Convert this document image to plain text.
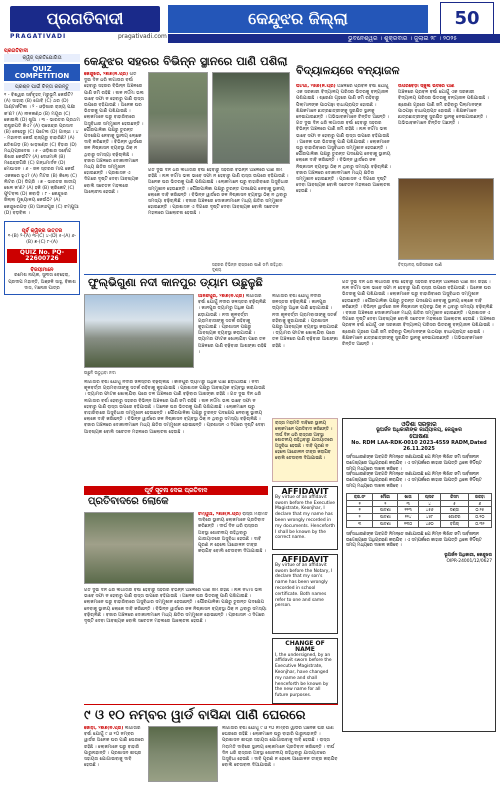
ପ୍ରଗତିବାଦୀ
PRAGATIVADI	pragativadi.com
କେନ୍ଦୁଝର ଜିଲ୍ଲା	50
ଭୁବନେଶ୍ୱର । ଶୁକ୍ରବାର । ଜୁଲାଇ ୨୮ । ୨୦୨୫
ପ୍ରଗତିବାଦୀ
କ୍ୱିଜ୍ ପ୍ରତିଯୋଗିତା
QUIZ COMPETITION
ପ୍ରଶ୍ନ ପାଇଁ ଚିନ୍ତା କରନ୍ତୁ
୧ - ବିଶ୍ୱର ସର୍ବବୃହତ୍ ମରୁଭୂମି କେଉଁଟି? (A) ସାହାରା (B) ଗୋବି (C) ଥର (D) ଆଣ୍ଟାର୍କଟିକା । ୨ - ଓଡ଼ିଶାର ରାଜ୍ୟ ପକ୍ଷୀ କ'ଣ? (A) ନୀଳକଣ୍ଠ (B) ମୟୂର (C) କୋଇଲି (D) ଶୁଆ । ୩ - ଭାରତର ପ୍ରଥମ ରାଷ୍ଟ୍ରପତି କିଏ? (A) ରାଜେନ୍ଦ୍ର ପ୍ରସାଦ (B) ନେହେରୁ (C) ପଟେଲ (D) ଗାନ୍ଧୀ । ୪ - ମହାନଦୀ କେଉଁ ରାଜ୍ୟରୁ ବାହାରିଛି? (A) ଛତିଶଗଡ଼ (B) ଝାଡ଼ଖଣ୍ଡ (C) ବିହାର (D) ମଧ୍ୟପ୍ରଦେଶ । ୫ - ଓଡ଼ିଶାର ସର୍ବୋଚ୍ଚ ଶିଖର କେଉଁଟି? (A) ଦେଓମାଳି (B) ମହେନ୍ଦ୍ରଗିରି (C) ଗନ୍ଧମାର୍ଦନ (D) ମେଘାସନ । ୬ - ଜଳ ସ୍ତରର ମାପ କେଉଁ ଏକକରେ ହୁଏ? (A) ମିଟର (B) କିଲୋ (C) ଲିଟର (D) ଡିଗ୍ରି । ୭ - ଭାରତର ଜାତୀୟ ଖେଳ କ'ଣ? (A) ହକି (B) କ୍ରିକେଟ୍ (C) ଫୁଟବଲ (D) କବାଡ଼ି । ୮ - କେନ୍ଦୁଝର ଜିଲ୍ଲା ମୁଖ୍ୟାଳୟ କେଉଁଠି? (A) କେନ୍ଦୁଝରଗଡ଼ (B) ଆନନ୍ଦପୁର (C) ଚମ୍ପୁଆ (D) ବଡ଼ବିଲ ।
ପୂର୍ବ କ୍ୱିଜ୍‌ର ଉତ୍ତର
୧-(B) ୨-(A) ୩-(C) ୪-(D) ୫-(A) ୬-(B) ୭-(C) ୮-(A)
QUIZ No. PQ-22600726
ବିଜୟୀମାନେ
ରମେଶ ନାୟକ, ସୁନୀତା ବେହେରା, ପ୍ରଦୀପ ମହାନ୍ତି, ଅଞ୍ଜଳି ସାହୁ, ବିକାଶ ଦାସ, ମନୋଜ ପାତ୍ର
କେନ୍ଦୁଝର ସହରର ବିଭିନ୍ନ ସ୍ଥାନରେ ପାଣି ପଶିଲା
କେନ୍ଦୁଝର, ୨୭ା୭(ନି.ପ୍ର) ଗତ ଦୁଇ ଦିନ ଧରି ଲଗାତାର ବର୍ଷା ହେବାରୁ ସହରର ବିଭିନ୍ନ ଅଞ୍ଚଳରେ ପାଣି ଜମି ରହିଛି । ନାଳ ନର୍ଦ୍ଦମା ଭଲ ଭାବେ ସଫା ନ ହେବାରୁ ପାଣି ରାସ୍ତା ଉପରେ ବହିଯାଉଛି । ଅନେକ ଘର ଭିତରକୁ ପାଣି ପଶିଯାଇଛି । ଲୋକମାନେ ଘରୁ ବାହାରିବାରେ ଅସୁବିଧାର ସମ୍ମୁଖୀନ ହେଉଛନ୍ତି । ପୌରପାଳିକା ପକ୍ଷରୁ ତୁରନ୍ତ ପଦକ୍ଷେପ ନେବାକୁ ସ୍ଥାନୀୟ ଲୋକେ ଦାବି କରିଛନ୍ତି । ବିଭିନ୍ନ ୱାର୍ଡରେ ଜଳ ନିଷ୍କାସନ ବ୍ୟବସ୍ଥା ଠିକ୍ ନ ଥିବାରୁ ସମସ୍ୟା ବଢ଼ିଚାଲିଛି । ବଜାର ଅଞ୍ଚଳରେ ଦୋକାନୀମାନେ ମଧ୍ୟ କ୍ଷତିର ସମ୍ମୁଖୀନ ହୋଇଛନ୍ତି । ପ୍ରଶାସନ ଏ ଦିଗରେ ଦୃଷ୍ଟି ଦେବା ଆବଶ୍ୟକ ବୋଲି ସଚେତନ ମହଲରେ ଆଲୋଚନା ହେଉଛି ।
ଗତ ଦୁଇ ଦିନ ଧରି ଲଗାତାର ବର୍ଷା ହେବାରୁ ସହରର ବିଭିନ୍ନ ଅଞ୍ଚଳରେ ପାଣି ଜମି ରହିଛି । ନାଳ ନର୍ଦ୍ଦମା ଭଲ ଭାବେ ସଫା ନ ହେବାରୁ ପାଣି ରାସ୍ତା ଉପରେ ବହିଯାଉଛି । ଅନେକ ଘର ଭିତରକୁ ପାଣି ପଶିଯାଇଛି । ଲୋକମାନେ ଘରୁ ବାହାରିବାରେ ଅସୁବିଧାର ସମ୍ମୁଖୀନ ହେଉଛନ୍ତି । ପୌରପାଳିକା ପକ୍ଷରୁ ତୁରନ୍ତ ପଦକ୍ଷେପ ନେବାକୁ ସ୍ଥାନୀୟ ଲୋକେ ଦାବି କରିଛନ୍ତି । ବିଭିନ୍ନ ୱାର୍ଡରେ ଜଳ ନିଷ୍କାସନ ବ୍ୟବସ୍ଥା ଠିକ୍ ନ ଥିବାରୁ ସମସ୍ୟା ବଢ଼ିଚାଲିଛି । ବଜାର ଅଞ୍ଚଳରେ ଦୋକାନୀମାନେ ମଧ୍ୟ କ୍ଷତିର ସମ୍ମୁଖୀନ ହୋଇଛନ୍ତି । ପ୍ରଶାସନ ଏ ଦିଗରେ ଦୃଷ୍ଟି ଦେବା ଆବଶ୍ୟକ ବୋଲି ସଚେତନ ମହଲରେ ଆଲୋଚନା ହେଉଛି ।
ସହରର ବିଭିନ୍ନ ରାସ୍ତାରେ ପାଣି ଜମି ରହିଥିବା ଦୃଶ୍ୟ
ବିଦ୍ୟାଳୟରେ ବନ୍ୟାଜଳ
ଘଟଗାଁ, ୨୭ା୭(ନି.ପ୍ର) ଅଞ୍ଚଳରେ ପ୍ରବଳ ବର୍ଷା ଯୋଗୁଁ ଏକ ସରକାରୀ ବିଦ୍ୟାଳୟ ପରିସର ଭିତରକୁ ବନ୍ୟାଜଳ ପଶିଯାଇଛି । ଶ୍ରେଣୀ ଗୃହରେ ପାଣି ଜମି ରହିବାରୁ ପିଲାମାନଙ୍କ ପାଠପଢ଼ା ବାଧାପ୍ରାପ୍ତ ହୋଇଛି । ଶିକ୍ଷକମାନେ ଛାତ୍ରଛାତ୍ରୀଙ୍କୁ ସୁରକ୍ଷିତ ସ୍ଥାନକୁ ନେଇଯାଇଛନ୍ତି । ଅଭିଭାବକମାନେ ଚିନ୍ତିତ ଅଛନ୍ତି । ଗତ ଦୁଇ ଦିନ ଧରି ଲଗାତାର ବର୍ଷା ହେବାରୁ ସହରର ବିଭିନ୍ନ ଅଞ୍ଚଳରେ ପାଣି ଜମି ରହିଛି । ନାଳ ନର୍ଦ୍ଦମା ଭଲ ଭାବେ ସଫା ନ ହେବାରୁ ପାଣି ରାସ୍ତା ଉପରେ ବହିଯାଉଛି । ଅନେକ ଘର ଭିତରକୁ ପାଣି ପଶିଯାଇଛି । ଲୋକମାନେ ଘରୁ ବାହାରିବାରେ ଅସୁବିଧାର ସମ୍ମୁଖୀନ ହେଉଛନ୍ତି । ପୌରପାଳିକା ପକ୍ଷରୁ ତୁରନ୍ତ ପଦକ୍ଷେପ ନେବାକୁ ସ୍ଥାନୀୟ ଲୋକେ ଦାବି କରିଛନ୍ତି । ବିଭିନ୍ନ ୱାର୍ଡରେ ଜଳ ନିଷ୍କାସନ ବ୍ୟବସ୍ଥା ଠିକ୍ ନ ଥିବାରୁ ସମସ୍ୟା ବଢ଼ିଚାଲିଛି । ବଜାର ଅଞ୍ଚଳରେ ଦୋକାନୀମାନେ ମଧ୍ୟ କ୍ଷତିର ସମ୍ମୁଖୀନ ହୋଇଛନ୍ତି । ପ୍ରଶାସନ ଏ ଦିଗରେ ଦୃଷ୍ଟି ଦେବା ଆବଶ୍ୟକ ବୋଲି ସଚେତନ ମହଲରେ ଆଲୋଚନା ହେଉଛି ।
ଉପରବେଡ଼ା ସ୍କୁଲ ଭିତରେ ପାଣି
ଅଞ୍ଚଳରେ ପ୍ରବଳ ବର୍ଷା ଯୋଗୁଁ ଏକ ସରକାରୀ ବିଦ୍ୟାଳୟ ପରିସର ଭିତରକୁ ବନ୍ୟାଜଳ ପଶିଯାଇଛି । ଶ୍ରେଣୀ ଗୃହରେ ପାଣି ଜମି ରହିବାରୁ ପିଲାମାନଙ୍କ ପାଠପଢ଼ା ବାଧାପ୍ରାପ୍ତ ହୋଇଛି । ଶିକ୍ଷକମାନେ ଛାତ୍ରଛାତ୍ରୀଙ୍କୁ ସୁରକ୍ଷିତ ସ୍ଥାନକୁ ନେଇଯାଇଛନ୍ତି । ଅଭିଭାବକମାନେ ଚିନ୍ତିତ ଅଛନ୍ତି ।
ବିଦ୍ୟାଳୟ ପରିସରରେ ପାଣି
ଫୁଲ୍ଭିଗୁଣା ନଦୀ କାନପୁର ଡ୍ୟାମ ଉଛୁଳୁଛି
ଉଛୁଳି ଉଠୁଥିବା ନଦୀ
ଆନନ୍ଦପୁର, ୨୭ା୭(ନି.ପ୍ର) ଲଗାତାର ବର୍ଷା ଯୋଗୁଁ ନଦୀର ଜଳସ୍ତର ବଢ଼ିଚାଲିଛି । କାନପୁର ଡ୍ୟାମରୁ ଅଧିକ ପାଣି ଛଡ଼ାଯାଉଛି । ନଦୀ କୂଳବର୍ତ୍ତୀ ଗ୍ରାମବାସୀଙ୍କୁ ସତର୍କ ରହିବାକୁ କୁହାଯାଇଛି । ପ୍ରଶାସନ ପକ୍ଷରୁ ଆବଶ୍ୟକ ବ୍ୟବସ୍ଥା କରାଯାଉଛି । ଡ୍ୟାମର ଫାଟକ ଖୋଲାଯିବା ପରେ ତଳ ଅଞ୍ଚଳରେ ପାଣି ବଢ଼ିବାର ଆଶଙ୍କା ରହିଛି ।
ଲଗାତାର ବର୍ଷା ଯୋଗୁଁ ନଦୀର ଜଳସ୍ତର ବଢ଼ିଚାଲିଛି । କାନପୁର ଡ୍ୟାମରୁ ଅଧିକ ପାଣି ଛଡ଼ାଯାଉଛି । ନଦୀ କୂଳବର୍ତ୍ତୀ ଗ୍ରାମବାସୀଙ୍କୁ ସତର୍କ ରହିବାକୁ କୁହାଯାଇଛି । ପ୍ରଶାସନ ପକ୍ଷରୁ ଆବଶ୍ୟକ ବ୍ୟବସ୍ଥା କରାଯାଉଛି । ଡ୍ୟାମର ଫାଟକ ଖୋଲାଯିବା ପରେ ତଳ ଅଞ୍ଚଳରେ ପାଣି ବଢ଼ିବାର ଆଶଙ୍କା ରହିଛି । ଗତ ଦୁଇ ଦିନ ଧରି ଲଗାତାର ବର୍ଷା ହେବାରୁ ସହରର ବିଭିନ୍ନ ଅଞ୍ଚଳରେ ପାଣି ଜମି ରହିଛି । ନାଳ ନର୍ଦ୍ଦମା ଭଲ ଭାବେ ସଫା ନ ହେବାରୁ ପାଣି ରାସ୍ତା ଉପରେ ବହିଯାଉଛି । ଅନେକ ଘର ଭିତରକୁ ପାଣି ପଶିଯାଇଛି । ଲୋକମାନେ ଘରୁ ବାହାରିବାରେ ଅସୁବିଧାର ସମ୍ମୁଖୀନ ହେଉଛନ୍ତି । ପୌରପାଳିକା ପକ୍ଷରୁ ତୁରନ୍ତ ପଦକ୍ଷେପ ନେବାକୁ ସ୍ଥାନୀୟ ଲୋକେ ଦାବି କରିଛନ୍ତି । ବିଭିନ୍ନ ୱାର୍ଡରେ ଜଳ ନିଷ୍କାସନ ବ୍ୟବସ୍ଥା ଠିକ୍ ନ ଥିବାରୁ ସମସ୍ୟା ବଢ଼ିଚାଲିଛି । ବଜାର ଅଞ୍ଚଳରେ ଦୋକାନୀମାନେ ମଧ୍ୟ କ୍ଷତିର ସମ୍ମୁଖୀନ ହୋଇଛନ୍ତି । ପ୍ରଶାସନ ଏ ଦିଗରେ ଦୃଷ୍ଟି ଦେବା ଆବଶ୍ୟକ ବୋଲି ସଚେତନ ମହଲରେ ଆଲୋଚନା ହେଉଛି ।
ଲଗାତାର ବର୍ଷା ଯୋଗୁଁ ନଦୀର ଜଳସ୍ତର ବଢ଼ିଚାଲିଛି । କାନପୁର ଡ୍ୟାମରୁ ଅଧିକ ପାଣି ଛଡ଼ାଯାଉଛି । ନଦୀ କୂଳବର୍ତ୍ତୀ ଗ୍ରାମବାସୀଙ୍କୁ ସତର୍କ ରହିବାକୁ କୁହାଯାଇଛି । ପ୍ରଶାସନ ପକ୍ଷରୁ ଆବଶ୍ୟକ ବ୍ୟବସ୍ଥା କରାଯାଉଛି । ଡ୍ୟାମର ଫାଟକ ଖୋଲାଯିବା ପରେ ତଳ ଅଞ୍ଚଳରେ ପାଣି ବଢ଼ିବାର ଆଶଙ୍କା ରହିଛି ।
ରାସ୍ତା ମରାମତି ଦାବିରେ ସ୍ଥାନୀୟ ଲୋକମାନେ ପ୍ରତିବାଦ କରିଛନ୍ତି । ଦୀର୍ଘ ଦିନ ଧରି ରାସ୍ତାର ଅବସ୍ଥା ଶୋଚନୀୟ ରହିଥିବାରୁ ଯାତାୟାତରେ ଅସୁବିଧା ହେଉଛି । ଦାବି ପୂରଣ ନ ହେଲେ ଆନ୍ଦୋଳନ ତୀବ୍ର କରାଯିବ ବୋଲି ଚେତାବନୀ ଦିଆଯାଇଛି ।
ପୂର୍ବ ସୂଚନା ଦେଇ ପ୍ରତିବାଦ
ପ୍ରତିବାଦରେ ଲୋକେ
ଚମ୍ପୁଆ, ୨୭ା୭(ନି.ପ୍ର) ରାସ୍ତା ମରାମତି ଦାବିରେ ସ୍ଥାନୀୟ ଲୋକମାନେ ପ୍ରତିବାଦ କରିଛନ୍ତି । ଦୀର୍ଘ ଦିନ ଧରି ରାସ୍ତାର ଅବସ୍ଥା ଶୋଚନୀୟ ରହିଥିବାରୁ ଯାତାୟାତରେ ଅସୁବିଧା ହେଉଛି । ଦାବି ପୂରଣ ନ ହେଲେ ଆନ୍ଦୋଳନ ତୀବ୍ର କରାଯିବ ବୋଲି ଚେତାବନୀ ଦିଆଯାଇଛି ।
ଗତ ଦୁଇ ଦିନ ଧରି ଲଗାତାର ବର୍ଷା ହେବାରୁ ସହରର ବିଭିନ୍ନ ଅଞ୍ଚଳରେ ପାଣି ଜମି ରହିଛି । ନାଳ ନର୍ଦ୍ଦମା ଭଲ ଭାବେ ସଫା ନ ହେବାରୁ ପାଣି ରାସ୍ତା ଉପରେ ବହିଯାଉଛି । ଅନେକ ଘର ଭିତରକୁ ପାଣି ପଶିଯାଇଛି । ଲୋକମାନେ ଘରୁ ବାହାରିବାରେ ଅସୁବିଧାର ସମ୍ମୁଖୀନ ହେଉଛନ୍ତି । ପୌରପାଳିକା ପକ୍ଷରୁ ତୁରନ୍ତ ପଦକ୍ଷେପ ନେବାକୁ ସ୍ଥାନୀୟ ଲୋକେ ଦାବି କରିଛନ୍ତି । ବିଭିନ୍ନ ୱାର୍ଡରେ ଜଳ ନିଷ୍କାସନ ବ୍ୟବସ୍ଥା ଠିକ୍ ନ ଥିବାରୁ ସମସ୍ୟା ବଢ଼ିଚାଲିଛି । ବଜାର ଅଞ୍ଚଳରେ ଦୋକାନୀମାନେ ମଧ୍ୟ କ୍ଷତିର ସମ୍ମୁଖୀନ ହୋଇଛନ୍ତି । ପ୍ରଶାସନ ଏ ଦିଗରେ ଦୃଷ୍ଟି ଦେବା ଆବଶ୍ୟକ ବୋଲି ସଚେତନ ମହଲରେ ଆଲୋଚନା ହେଉଛି ।
AFFIDAVIT
By virtue of an affidavit sworn before the Executive Magistrate, Keonjhar, I declare that my name has been wrongly recorded in my documents. Henceforth I shall be known by the correct name.
AFFIDAVIT
By virtue of an affidavit sworn before the Notary, I declare that my son's name has been wrongly recorded in school certificate. Both names refer to one and same person.
CHANGE OF NAME
I, the undersigned, by an affidavit sworn before the Executive Magistrate, Keonjhar, have changed my name and shall henceforth be known by the new name for all future purposes.
ଗତ ଦୁଇ ଦିନ ଧରି ଲଗାତାର ବର୍ଷା ହେବାରୁ ସହରର ବିଭିନ୍ନ ଅଞ୍ଚଳରେ ପାଣି ଜମି ରହିଛି । ନାଳ ନର୍ଦ୍ଦମା ଭଲ ଭାବେ ସଫା ନ ହେବାରୁ ପାଣି ରାସ୍ତା ଉପରେ ବହିଯାଉଛି । ଅନେକ ଘର ଭିତରକୁ ପାଣି ପଶିଯାଇଛି । ଲୋକମାନେ ଘରୁ ବାହାରିବାରେ ଅସୁବିଧାର ସମ୍ମୁଖୀନ ହେଉଛନ୍ତି । ପୌରପାଳିକା ପକ୍ଷରୁ ତୁରନ୍ତ ପଦକ୍ଷେପ ନେବାକୁ ସ୍ଥାନୀୟ ଲୋକେ ଦାବି କରିଛନ୍ତି । ବିଭିନ୍ନ ୱାର୍ଡରେ ଜଳ ନିଷ୍କାସନ ବ୍ୟବସ୍ଥା ଠିକ୍ ନ ଥିବାରୁ ସମସ୍ୟା ବଢ଼ିଚାଲିଛି । ବଜାର ଅଞ୍ଚଳରେ ଦୋକାନୀମାନେ ମଧ୍ୟ କ୍ଷତିର ସମ୍ମୁଖୀନ ହୋଇଛନ୍ତି । ପ୍ରଶାସନ ଏ ଦିଗରେ ଦୃଷ୍ଟି ଦେବା ଆବଶ୍ୟକ ବୋଲି ସଚେତନ ମହଲରେ ଆଲୋଚନା ହେଉଛି । ଅଞ୍ଚଳରେ ପ୍ରବଳ ବର୍ଷା ଯୋଗୁଁ ଏକ ସରକାରୀ ବିଦ୍ୟାଳୟ ପରିସର ଭିତରକୁ ବନ୍ୟାଜଳ ପଶିଯାଇଛି । ଶ୍ରେଣୀ ଗୃହରେ ପାଣି ଜମି ରହିବାରୁ ପିଲାମାନଙ୍କ ପାଠପଢ଼ା ବାଧାପ୍ରାପ୍ତ ହୋଇଛି । ଶିକ୍ଷକମାନେ ଛାତ୍ରଛାତ୍ରୀଙ୍କୁ ସୁରକ୍ଷିତ ସ୍ଥାନକୁ ନେଇଯାଇଛନ୍ତି । ଅଭିଭାବକମାନେ ଚିନ୍ତିତ ଅଛନ୍ତି ।
ଓଡ଼ିଶା ସରକାର
ଭୂଅର୍ଜନ ଅଧିକାରୀଙ୍କ କାର୍ଯ୍ୟାଳୟ, କେନ୍ଦୁଝର
ଘୋଷଣା
No. RDM LAA-RDK-0010 2023-4559 RADM,Dated 26.11.2025
ସର୍ବସାଧାରଣଙ୍କ ଅବଗତି ନିମନ୍ତେ ଜଣାଯାଉଛି ଯେ ନିମ୍ନ ଲିଖିତ ଜମି ସାର୍ବଜନୀନ ଉଦ୍ଦେଶ୍ୟରେ ଅଧିଗ୍ରହଣ କରାଯିବ । ଏ ସମ୍ପର୍କରେ କାହାର ଆପତ୍ତି ଥିଲେ ନିର୍ଦ୍ଦିଷ୍ଟ ସମୟ ମଧ୍ୟରେ ଦାଖଲ କରିବେ ।
ସର୍ବସାଧାରଣଙ୍କ ଅବଗତି ନିମନ୍ତେ ଜଣାଯାଉଛି ଯେ ନିମ୍ନ ଲିଖିତ ଜମି ସାର୍ବଜନୀନ ଉଦ୍ଦେଶ୍ୟରେ ଅଧିଗ୍ରହଣ କରାଯିବ । ଏ ସମ୍ପର୍କରେ କାହାର ଆପତ୍ତି ଥିଲେ ନିର୍ଦ୍ଦିଷ୍ଟ ସମୟ ମଧ୍ୟରେ ଦାଖଲ କରିବେ ।
କ୍ର.ନଂ	ମୌଜା	ଖାତା	ପ୍ଲଟ	କିସମ	ରକବା
୧	୨	୩	୪	୫	୬
୧	ପାଟଣା	୧୨୩	୪୫୬	ଦଣ୍ଡା	୦.୨୫
୨	ପାଟଣା	୧୨୪	୪୫୮	ଗୋଚର	୦.୧୦
୩	ପାଟଣା	୧୩୦	୪୬୦	ବଗିଚା	୦.୩୨
ସର୍ବସାଧାରଣଙ୍କ ଅବଗତି ନିମନ୍ତେ ଜଣାଯାଉଛି ଯେ ନିମ୍ନ ଲିଖିତ ଜମି ସାର୍ବଜନୀନ ଉଦ୍ଦେଶ୍ୟରେ ଅଧିଗ୍ରହଣ କରାଯିବ । ଏ ସମ୍ପର୍କରେ କାହାର ଆପତ୍ତି ଥିଲେ ନିର୍ଦ୍ଦିଷ୍ଟ ସମୟ ମଧ୍ୟରେ ଦାଖଲ କରିବେ ।
ଭୂଅର୍ଜନ ଅଧିକାରୀ, କେନ୍ଦୁଝର
OIPR-24001/12/0627
୯ ଓ ୧୦ ନମ୍ବର ୱାର୍ଡ ବାସିନ୍ଦା ପାଣି ଘେରରେ
ଜୋଡ଼ା, ୨୭ା୭(ନି.ପ୍ର) ଲଗାତାର ବର୍ଷା ଯୋଗୁଁ ୯ ଓ ୧୦ ନମ୍ବର ୱାର୍ଡର ଅନେକ ଘର ପାଣି ଘେରରେ ରହିଛି । ଲୋକମାନେ ଘରୁ ବାହାରି ପାରୁନାହାନ୍ତି । ପ୍ରଶାସନ ଶୀଘ୍ର ସହାୟତା ଯୋଗାଇବାକୁ ଦାବି ହେଉଛି ।
ଲଗାତାର ବର୍ଷା ଯୋଗୁଁ ୯ ଓ ୧୦ ନମ୍ବର ୱାର୍ଡର ଅନେକ ଘର ପାଣି ଘେରରେ ରହିଛି । ଲୋକମାନେ ଘରୁ ବାହାରି ପାରୁନାହାନ୍ତି । ପ୍ରଶାସନ ଶୀଘ୍ର ସହାୟତା ଯୋଗାଇବାକୁ ଦାବି ହେଉଛି । ରାସ୍ତା ମରାମତି ଦାବିରେ ସ୍ଥାନୀୟ ଲୋକମାନେ ପ୍ରତିବାଦ କରିଛନ୍ତି । ଦୀର୍ଘ ଦିନ ଧରି ରାସ୍ତାର ଅବସ୍ଥା ଶୋଚନୀୟ ରହିଥିବାରୁ ଯାତାୟାତରେ ଅସୁବିଧା ହେଉଛି । ଦାବି ପୂରଣ ନ ହେଲେ ଆନ୍ଦୋଳନ ତୀବ୍ର କରାଯିବ ବୋଲି ଚେତାବନୀ ଦିଆଯାଇଛି ।
